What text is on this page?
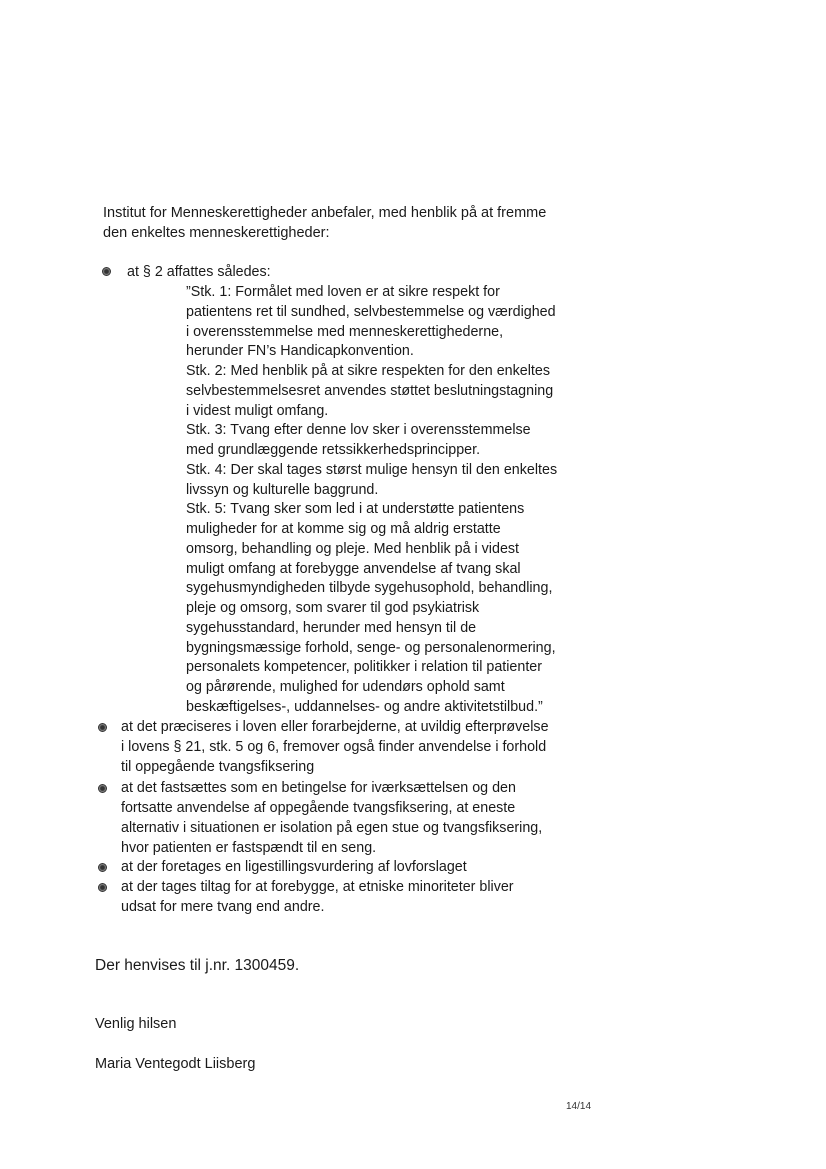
Institut for Menneskerettigheder anbefaler, med henblik på at fremme
den enkeltes menneskerettigheder:
at § 2 affattes således:
”Stk. 1: Formålet med loven er at sikre respekt for
patientens ret til sundhed, selvbestemmelse og værdighed
i overensstemmelse med menneskerettighederne,
herunder FN’s Handicapkonvention.
Stk. 2: Med henblik på at sikre respekten for den enkeltes
selvbestemmelsesret anvendes støttet beslutningstagning
i videst muligt omfang.
Stk. 3: Tvang efter denne lov sker i overensstemmelse
med grundlæggende retssikkerhedsprincipper.
Stk. 4: Der skal tages størst mulige hensyn til den enkeltes
livssyn og kulturelle baggrund.
Stk. 5: Tvang sker som led i at understøtte patientens
muligheder for at komme sig og må aldrig erstatte
omsorg, behandling og pleje. Med henblik på i videst
muligt omfang at forebygge anvendelse af tvang skal
sygehusmyndigheden tilbyde sygehusophold, behandling,
pleje og omsorg, som svarer til god psykiatrisk
sygehusstandard, herunder med hensyn til de
bygningsmæssige forhold, senge- og personalenormering,
personalets kompetencer, politikker i relation til patienter
og pårørende, mulighed for udendørs ophold samt
beskæftigelses-, uddannelses- og andre aktivitetstilbud.”
at det præciseres i loven eller forarbejderne, at uvildig efterprøvelse
i lovens § 21, stk. 5 og 6, fremover også finder anvendelse i forhold
til oppegående tvangsfiksering
at det fastsættes som en betingelse for iværksættelsen og den
fortsatte anvendelse af oppegående tvangsfiksering, at eneste
alternativ i situationen er isolation på egen stue og tvangsfiksering,
hvor patienten er fastspændt til en seng.
at der foretages en ligestillingsvurdering af lovforslaget
at der tages tiltag for at forebygge, at etniske minoriteter bliver
udsat for mere tvang end andre.
Der henvises til j.nr. 1300459.
Venlig hilsen
Maria Ventegodt Liisberg
14/14
